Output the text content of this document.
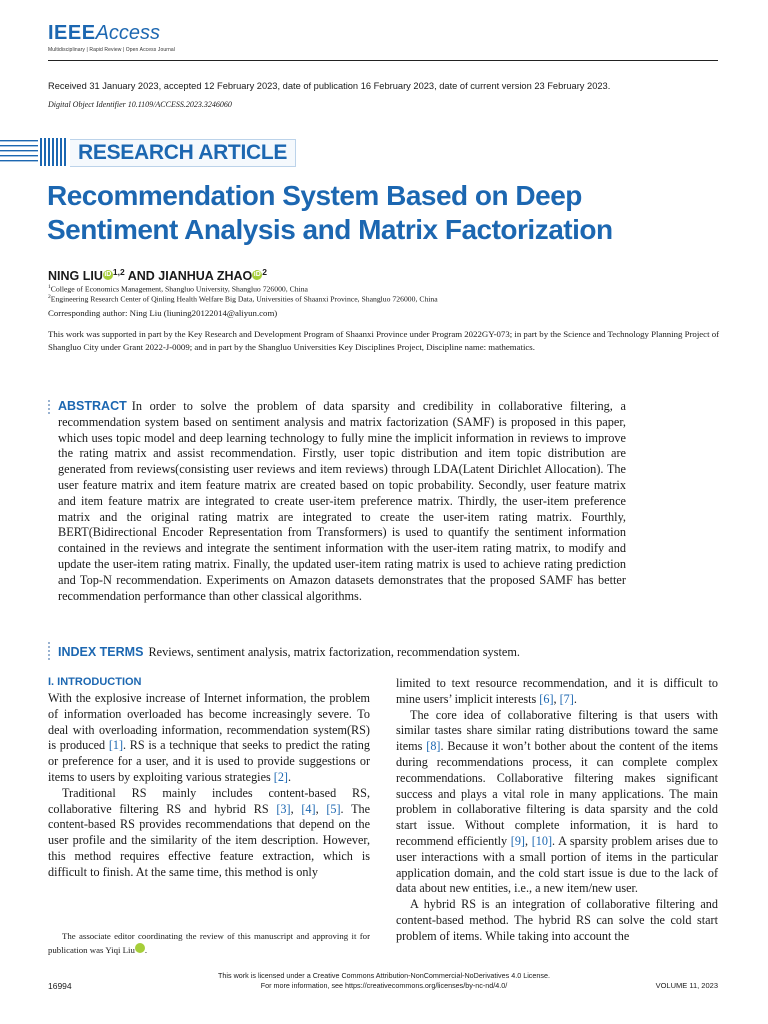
IEEEAccess
Multidisciplinary | Rapid Review | Open Access Journal
Received 31 January 2023, accepted 12 February 2023, date of publication 16 February 2023, date of current version 23 February 2023.
Digital Object Identifier 10.1109/ACCESS.2023.3246060
RESEARCH ARTICLE
Recommendation System Based on Deep
Sentiment Analysis and Matrix Factorization
NING LIU iD $^{1,2}$ AND JIANHUA ZHAO iD $^2$
$^1$College of Economics Management, Shangluo University, Shangluo 726000, China
$^2$Engineering Research Center of Qinling Health Welfare Big Data, Universities of Shaanxi Province, Shangluo 726000, China
Corresponding author: Ning Liu (liuning20122014@aliyun.com)
This work was supported in part by the Key Research and Development Program of Shaanxi Province under Program 2022GY-073; in part by the Science and Technology Planning Project of Shangluo City under Grant 2022-J-0009; and in part by the Shangluo Universities Key Disciplines Project, Discipline name: mathematics.
ABSTRACT In order to solve the problem of data sparsity and credibility in collaborative filtering, a recommendation system based on sentiment analysis and matrix factorization (SAMF) is proposed in this paper, which uses topic model and deep learning technology to fully mine the implicit information in reviews to improve the rating matrix and assist recommendation. Firstly, user topic distribution and item topic distribution are generated from reviews(consisting user reviews and item reviews) through LDA(Latent Dirichlet Allocation). The user feature matrix and item feature matrix are created based on topic probability. Secondly, user feature matrix and item feature matrix are integrated to create user-item preference matrix. Thirdly, the user-item preference matrix and the original rating matrix are integrated to create the user-item rating matrix. Fourthly, BERT(Bidirectional Encoder Representation from Transformers) is used to quantify the sentiment information contained in the reviews and integrate the sentiment information with the user-item rating matrix, to modify and update the user-item rating matrix. Finally, the updated user-item rating matrix is used to achieve rating prediction and Top-N recommendation. Experiments on Amazon datasets demonstrates that the proposed SAMF has better recommendation performance than other classical algorithms.
INDEX TERMS Reviews, sentiment analysis, matrix factorization, recommendation system.
I. INTRODUCTION

With the explosive increase of Internet information, the problem of information overloaded has become increasingly severe. To deal with overloading information, recommendation system(RS) is produced [1]. RS is a technique that seeks to predict the rating or preference for a user, and it is used to provide suggestions or items to users by exploiting various strategies [2].

Traditional RS mainly includes content-based RS, collaborative filtering RS and hybrid RS [3], [4], [5]. The content-based RS provides recommendations that depend on the user profile and the similarity of the item description. However, this method requires effective feature extraction, which is difficult to finish. At the same time, this method is only

limited to text resource recommendation, and it is difficult to mine users’ implicit interests [6], [7].

The core idea of collaborative filtering is that users with similar tastes share similar rating distributions toward the same items [8]. Because it won’t bother about the content of the items during recommendations process, it can complete complex recommendations. Collaborative filtering makes significant success and plays a vital role in many applications. The main problem in collaborative filtering is data sparsity and the cold start issue. Without complete information, it is hard to recommend efficiently [9], [10]. A sparsity problem arises due to user interactions with a small portion of items in the particular application domain, and the cold start issue is due to the lack of data about new entities, i.e., a new item/new user.

A hybrid RS is an integration of collaborative filtering and content-based method. The hybrid RS can solve the cold start problem of items. While taking into account the

The associate editor coordinating the review of this manuscript and approving it for publication was Yiqi Liu iD.
This work is licensed under a Creative Commons Attribution-NonCommercial-NoDerivatives 4.0 License.
For more information, see https://creativecommons.org/licenses/by-nc-nd/4.0/
16994	VOLUME 11, 2023
